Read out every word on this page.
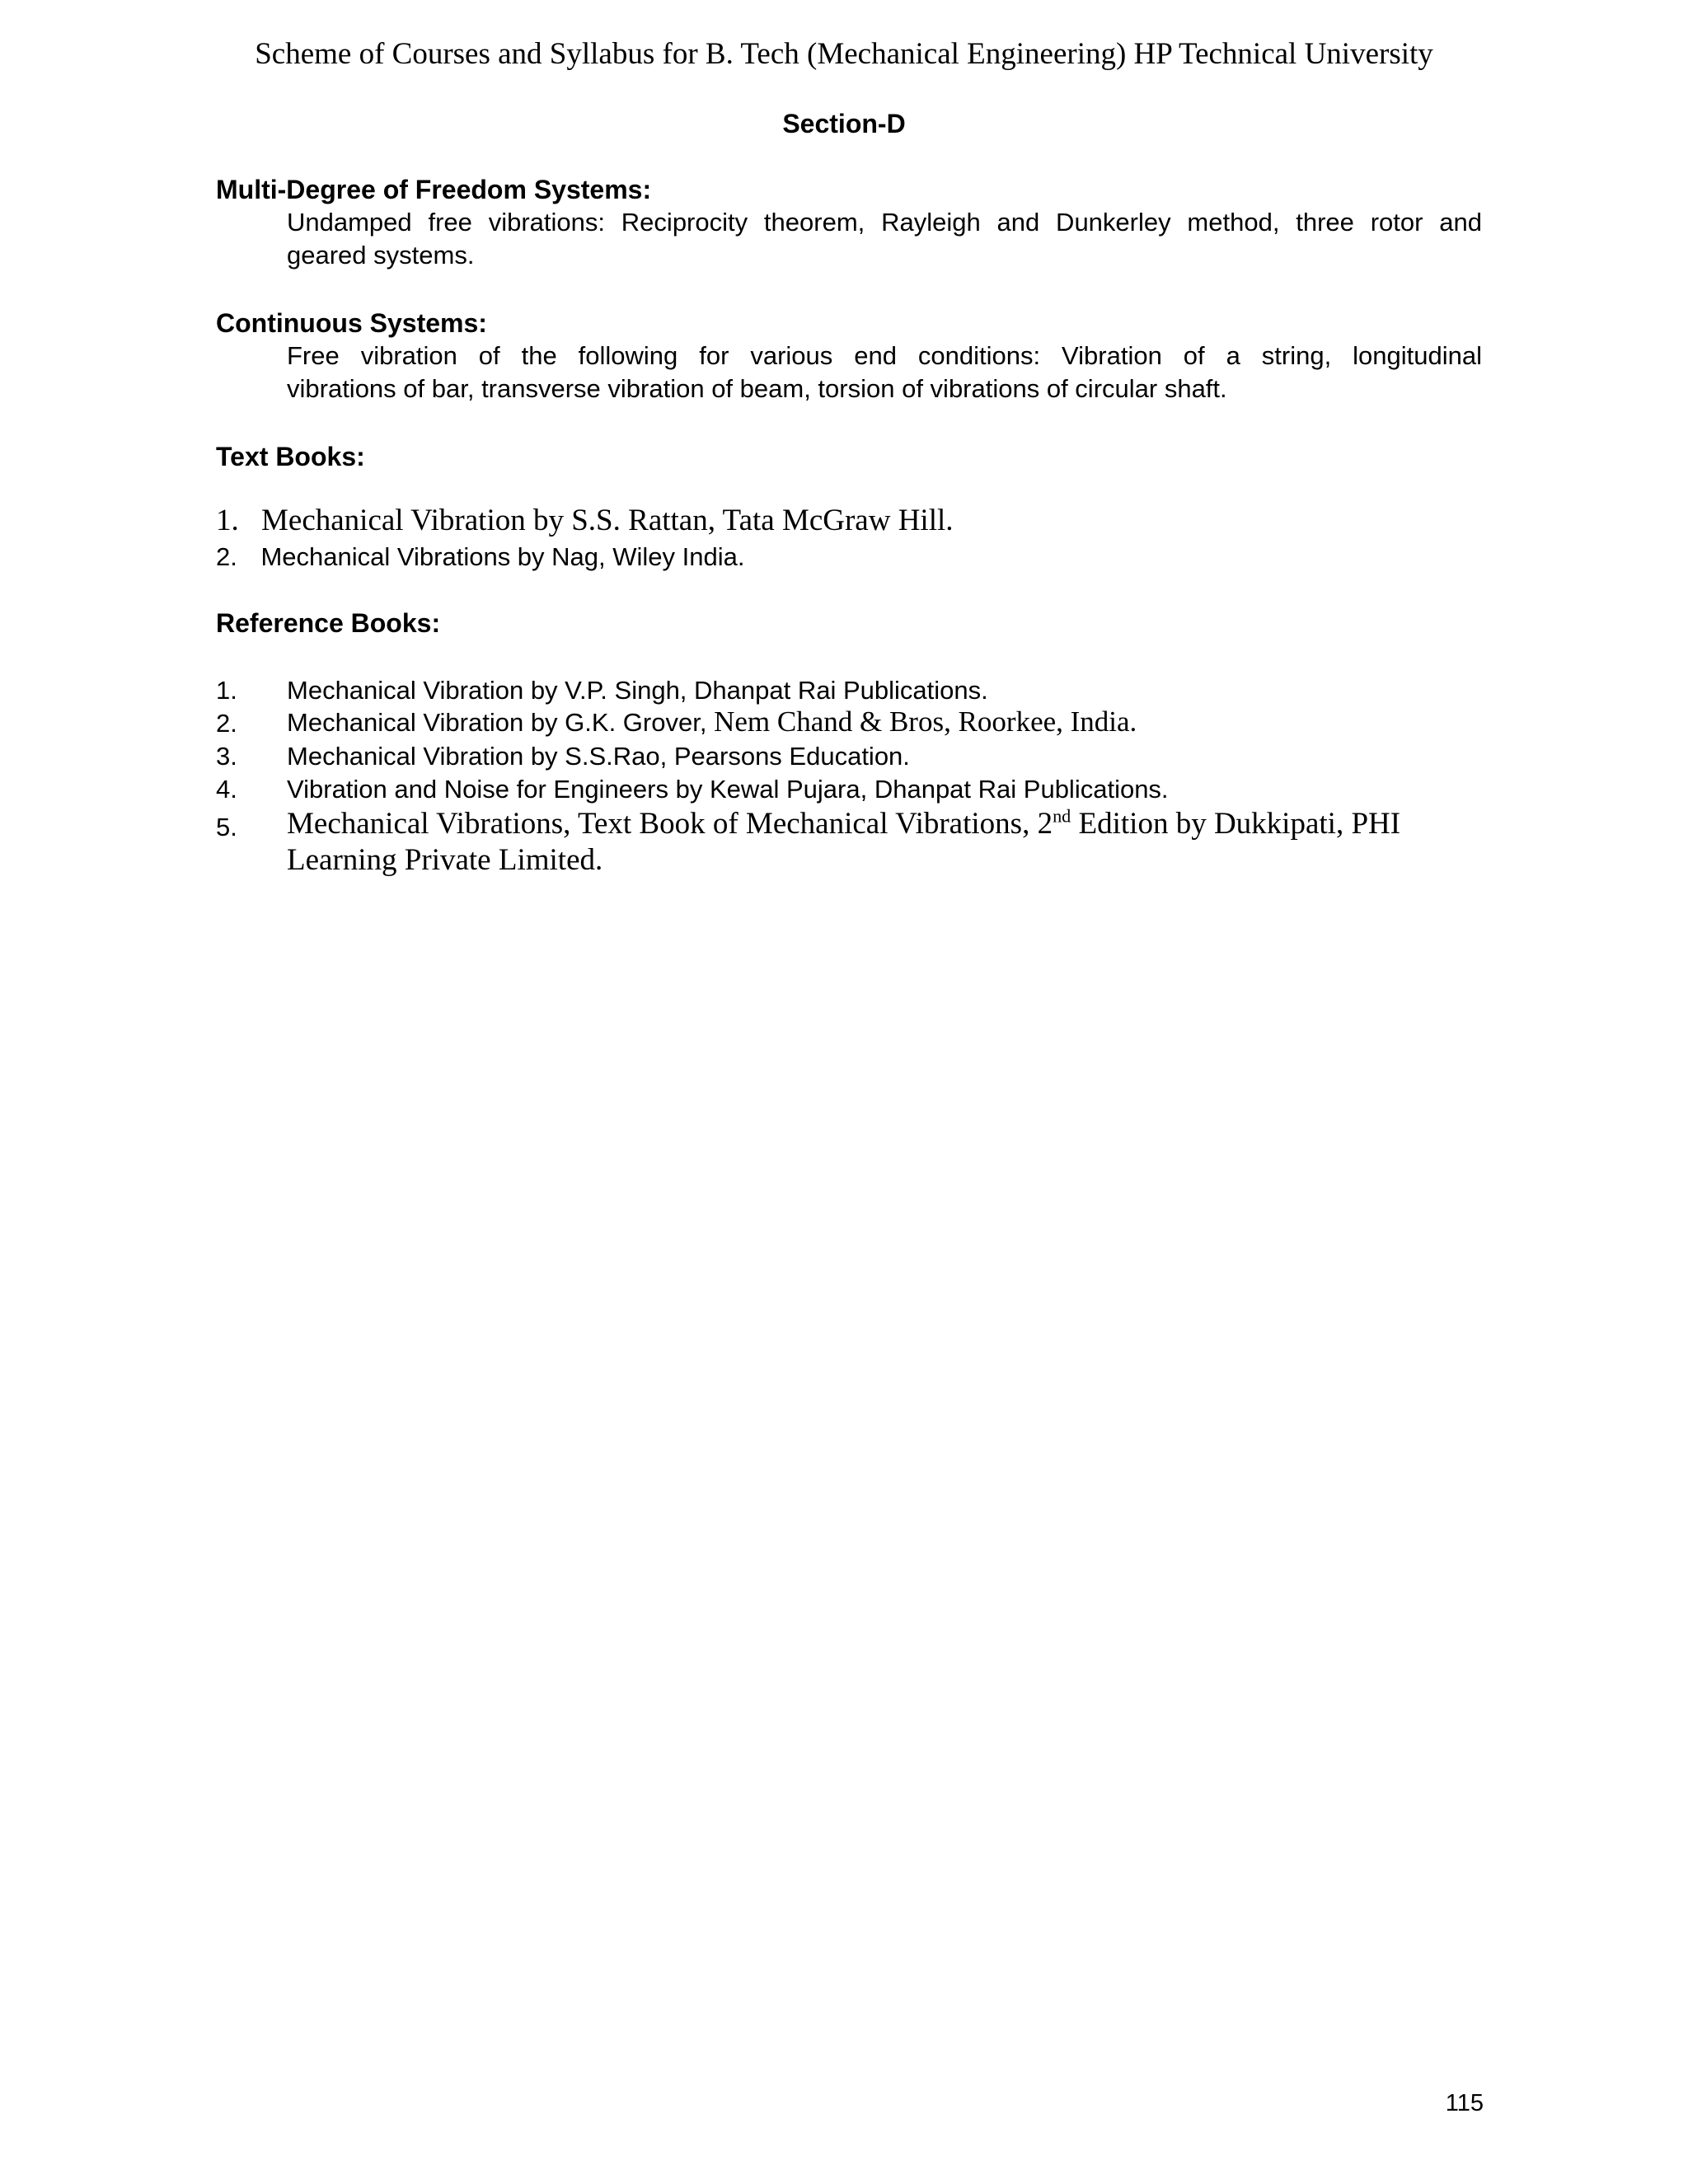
Scheme of Courses and Syllabus for B. Tech (Mechanical Engineering) HP Technical University
Section-D
Multi-Degree of Freedom Systems:
Undamped free vibrations: Reciprocity theorem, Rayleigh and Dunkerley method, three rotor and
geared systems.
Continuous Systems:
Free vibration of the following for various end conditions: Vibration of a string, longitudinal
vibrations of bar, transverse vibration of beam, torsion of vibrations of circular shaft.
Text Books:
1. Mechanical Vibration by S.S. Rattan, Tata McGraw Hill.
2. Mechanical Vibrations by Nag, Wiley India.
Reference Books:
1. Mechanical Vibration by V.P. Singh, Dhanpat Rai Publications.
2. Mechanical Vibration by G.K. Grover, Nem Chand & Bros, Roorkee, India.
3. Mechanical Vibration by S.S.Rao, Pearsons Education.
4. Vibration and Noise for Engineers by Kewal Pujara, Dhanpat Rai Publications.
5. Mechanical Vibrations, Text Book of Mechanical Vibrations, 2nd Edition by Dukkipati, PHI
Learning Private Limited.
115
